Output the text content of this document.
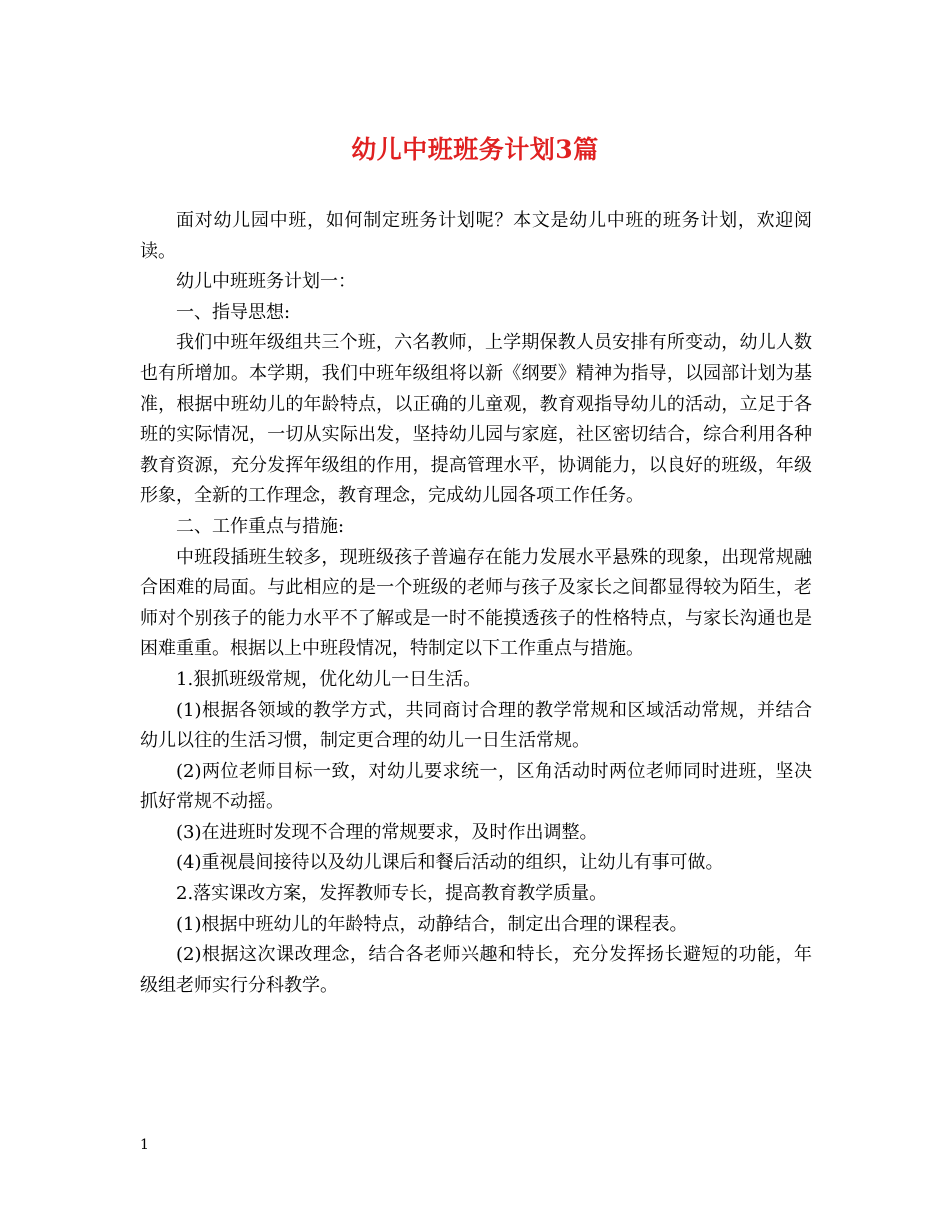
幼儿中班班务计划3篇

面对幼儿园中班，如何制定班务计划呢？本文是幼儿中班的班务计划，欢迎阅读。

幼儿中班班务计划一：

一、指导思想:

我们中班年级组共三个班，六名教师，上学期保教人员安排有所变动，幼儿人数也有所增加。本学期，我们中班年级组将以新《纲要》精神为指导，以园部计划为基准，根据中班幼儿的年龄特点，以正确的儿童观，教育观指导幼儿的活动，立足于各班的实际情况，一切从实际出发，坚持幼儿园与家庭，社区密切结合，综合利用各种教育资源，充分发挥年级组的作用，提高管理水平，协调能力，以良好的班级，年级形象，全新的工作理念，教育理念，完成幼儿园各项工作任务。

二、工作重点与措施:

中班段插班生较多，现班级孩子普遍存在能力发展水平悬殊的现象，出现常规融合困难的局面。与此相应的是一个班级的老师与孩子及家长之间都显得较为陌生，老师对个别孩子的能力水平不了解或是一时不能摸透孩子的性格特点，与家长沟通也是困难重重。根据以上中班段情况，特制定以下工作重点与措施。

1.狠抓班级常规，优化幼儿一日生活。

(1)根据各领域的教学方式，共同商讨合理的教学常规和区域活动常规，并结合幼儿以往的生活习惯，制定更合理的幼儿一日生活常规。

(2)两位老师目标一致，对幼儿要求统一，区角活动时两位老师同时进班，坚决抓好常规不动摇。

(3)在进班时发现不合理的常规要求，及时作出调整。

(4)重视晨间接待以及幼儿课后和餐后活动的组织，让幼儿有事可做。

2.落实课改方案，发挥教师专长，提高教育教学质量。

(1)根据中班幼儿的年龄特点，动静结合，制定出合理的课程表。

(2)根据这次课改理念，结合各老师兴趣和特长，充分发挥扬长避短的功能，年级组老师实行分科教学。

1
